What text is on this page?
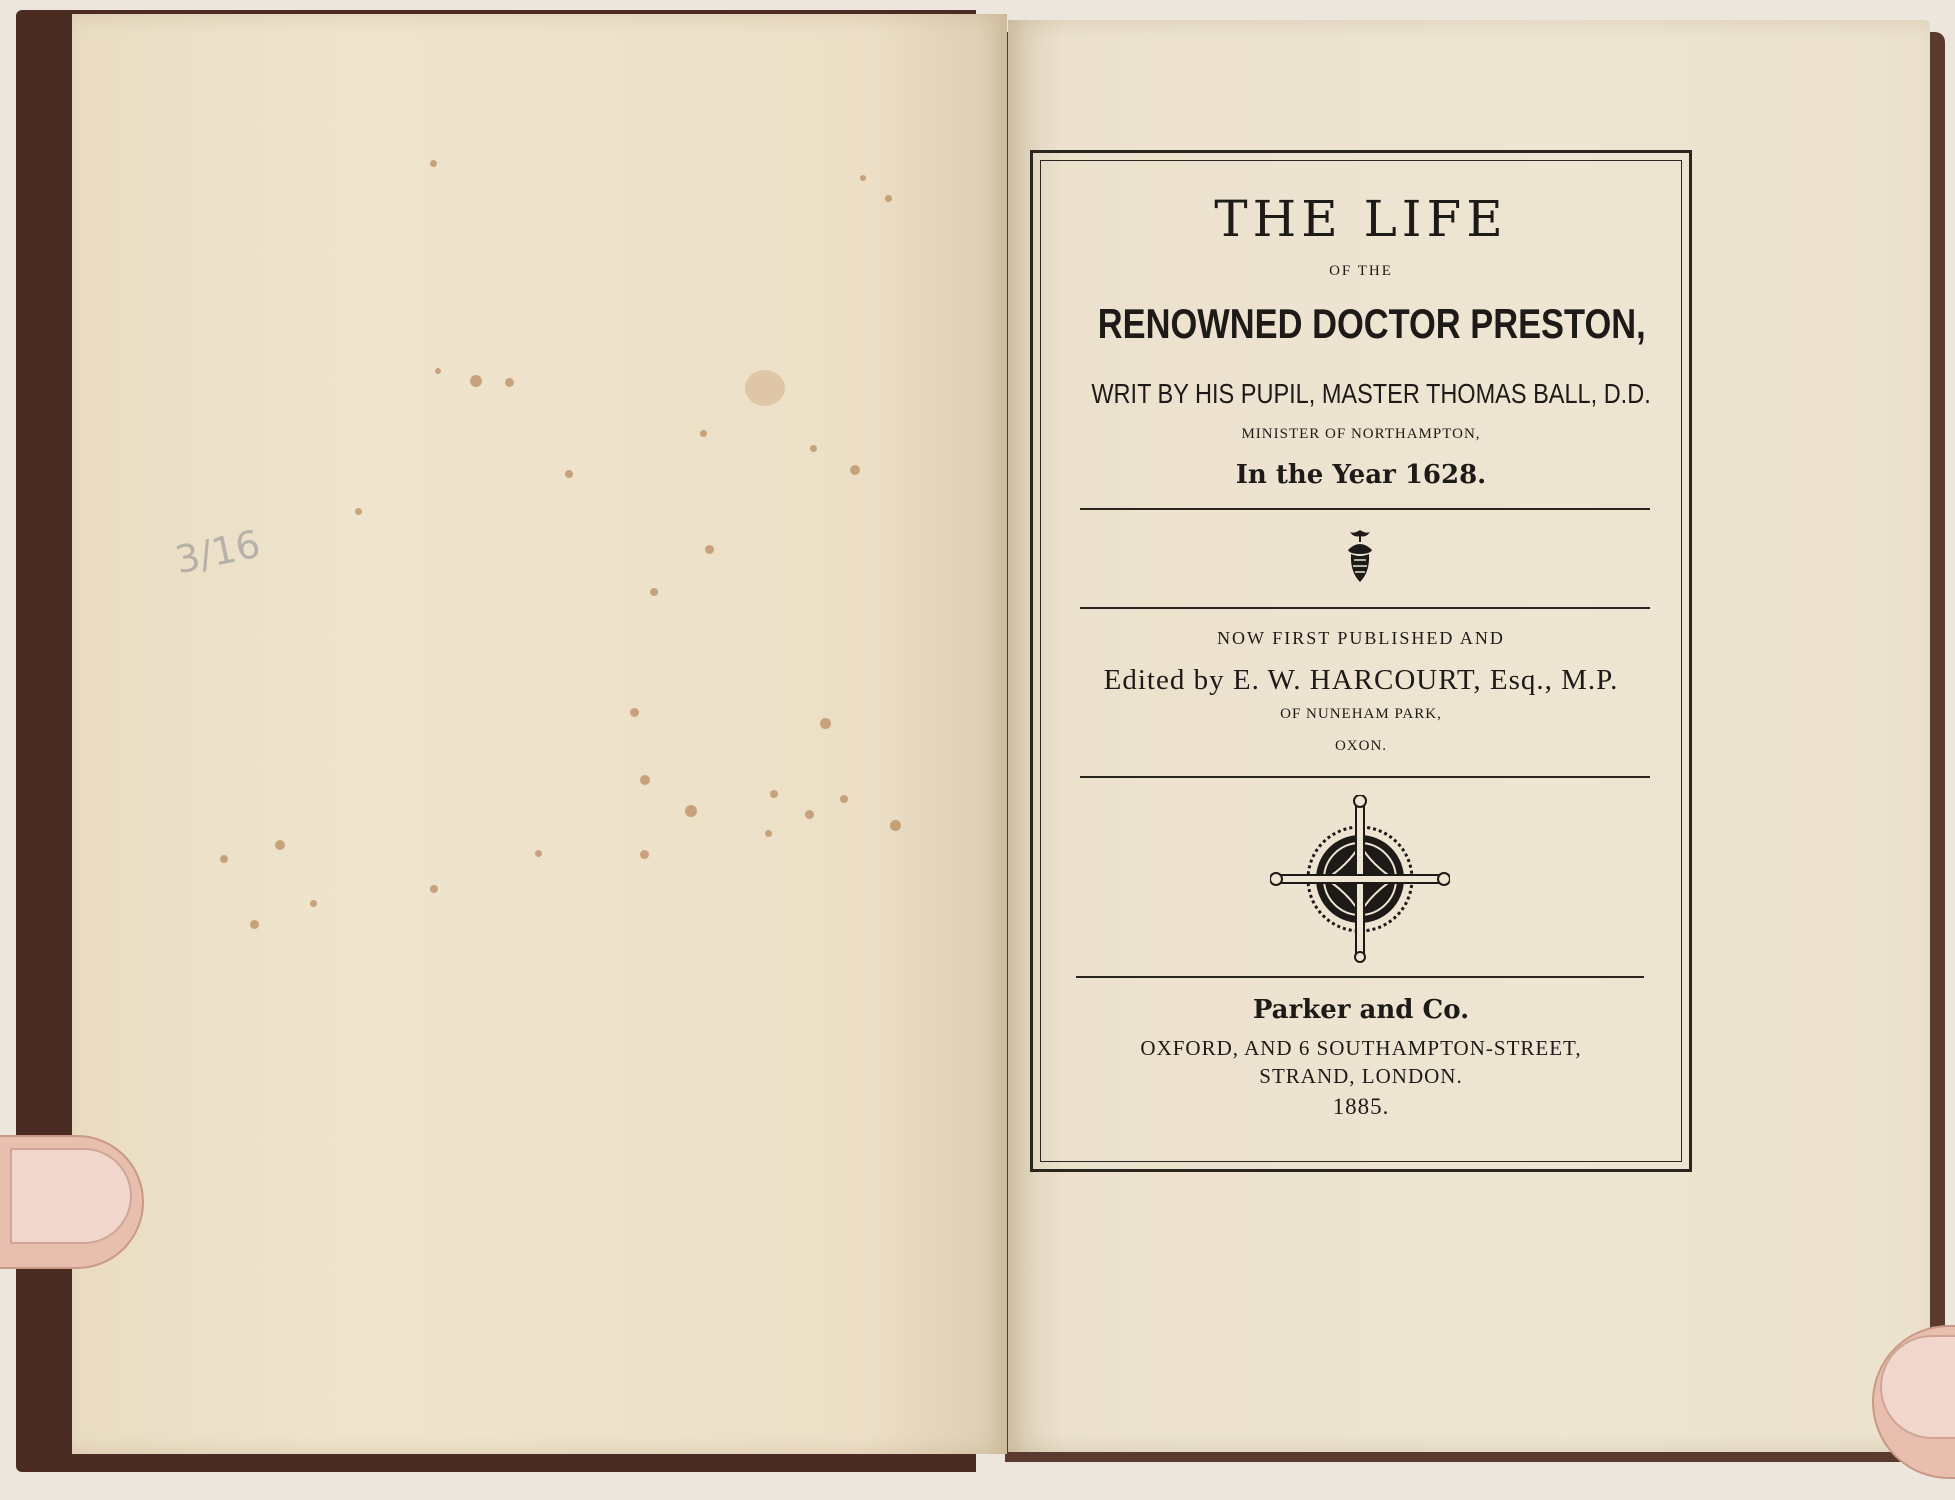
3/16
THE LIFE
OF THE
RENOWNED DOCTOR PRESTON,
WRIT BY HIS PUPIL, MASTER THOMAS BALL, D.D.
MINISTER OF NORTHAMPTON,
In the Year 1628.
NOW FIRST PUBLISHED AND
Edited by E. W. HARCOURT, Esq., M.P.
OF NUNEHAM PARK,
OXON.
Parker and Co.
OXFORD, AND 6 SOUTHAMPTON-STREET,
STRAND, LONDON.
1885.
